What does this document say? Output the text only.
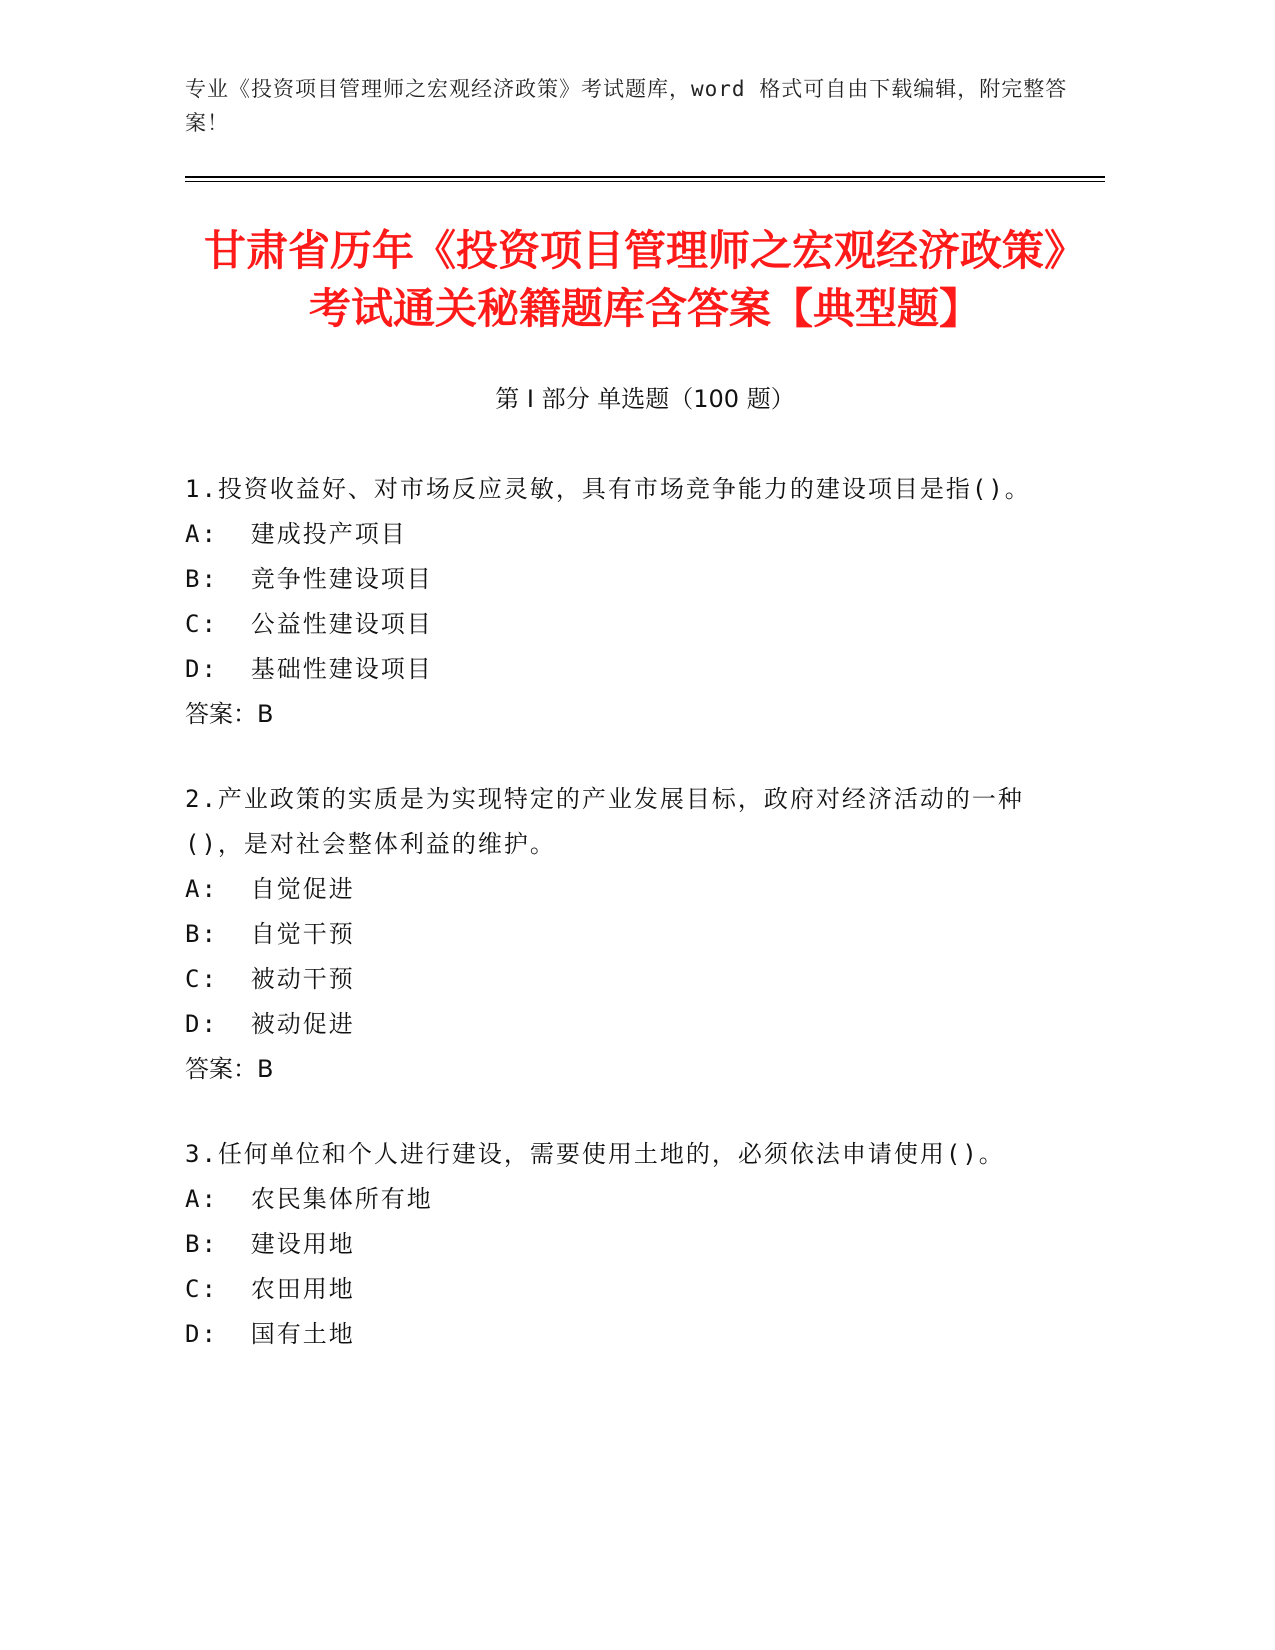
专业《投资项目管理师之宏观经济政策》考试题库，word 格式可自由下载编辑，附完整答案！
甘肃省历年《投资项目管理师之宏观经济政策》考试通关秘籍题库含答案【典型题】
第 I 部分 单选题（100 题）
1.投资收益好、对市场反应灵敏，具有市场竞争能力的建设项目是指()。
A:  建成投产项目
B:  竞争性建设项目
C:  公益性建设项目
D:  基础性建设项目
答案：B
2.产业政策的实质是为实现特定的产业发展目标，政府对经济活动的一种()，是对社会整体利益的维护。
A:  自觉促进
B:  自觉干预
C:  被动干预
D:  被动促进
答案：B
3.任何单位和个人进行建设，需要使用土地的，必须依法申请使用()。
A:  农民集体所有地
B:  建设用地
C:  农田用地
D:  国有土地
